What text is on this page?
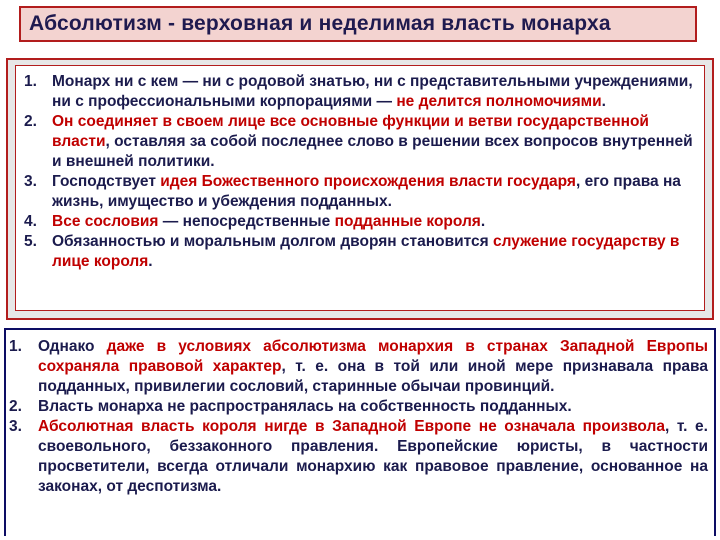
Абсолютизм - верховная и неделимая власть монарха
1. Монарх ни с кем — ни с родовой знатью, ни с представительными учреждениями, ни с профессиональными корпорациями — не делится полномочиями.
2. Он соединяет в своем лице все основные функции и ветви государственной власти, оставляя за собой последнее слово в решении всех вопросов внутренней и внешней политики.
3. Господствует идея Божественного происхождения власти государя, его права на жизнь, имущество и убеждения подданных.
4. Все сословия — непосредственные подданные короля.
5. Обязанностью и моральным долгом дворян становится служение государству в лице короля.
1. Однако даже в условиях абсолютизма монархия в странах Западной Европы сохраняла правовой характер, т. е. она в той или иной мере признавала права подданных, привилегии сословий, старинные обычаи провинций.
2. Власть монарха не распространялась на собственность подданных.
3. Абсолютная власть короля нигде в Западной Европе не означала произвола, т. е. своевольного, беззаконного правления. Европейские юристы, в частности просветители, всегда отличали монархию как правовое правление, основанное на законах, от деспотизма.
